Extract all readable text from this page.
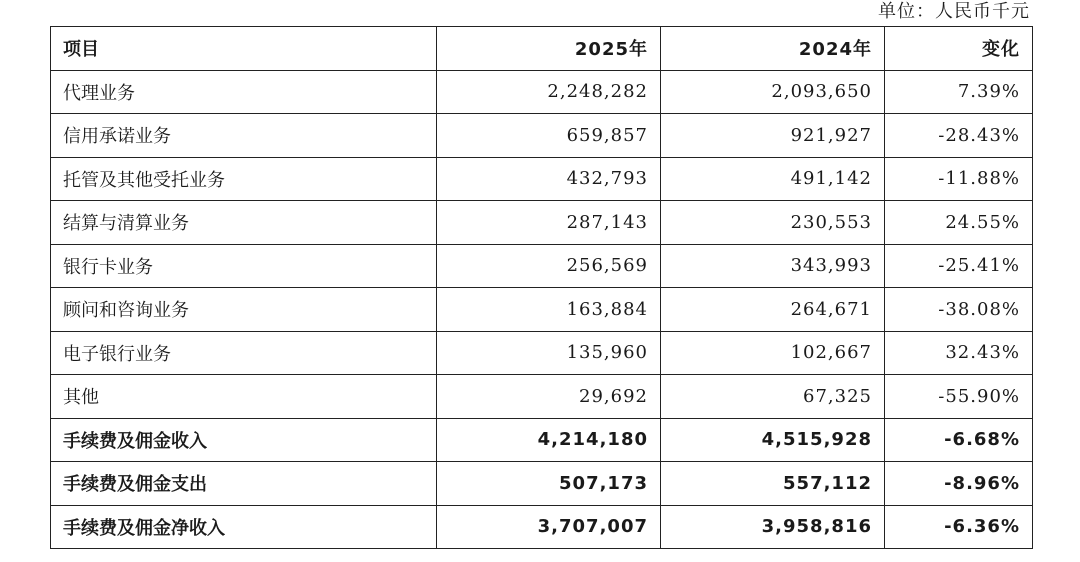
单位：人民币千元
项目	2025年	2024年	变化
代理业务	2,248,282	2,093,650	7.39%
信用承诺业务	659,857	921,927	-28.43%
托管及其他受托业务	432,793	491,142	-11.88%
结算与清算业务	287,143	230,553	24.55%
银行卡业务	256,569	343,993	-25.41%
顾问和咨询业务	163,884	264,671	-38.08%
电子银行业务	135,960	102,667	32.43%
其他	29,692	67,325	-55.90%
手续费及佣金收入	4,214,180	4,515,928	-6.68%
手续费及佣金支出	507,173	557,112	-8.96%
手续费及佣金净收入	3,707,007	3,958,816	-6.36%
